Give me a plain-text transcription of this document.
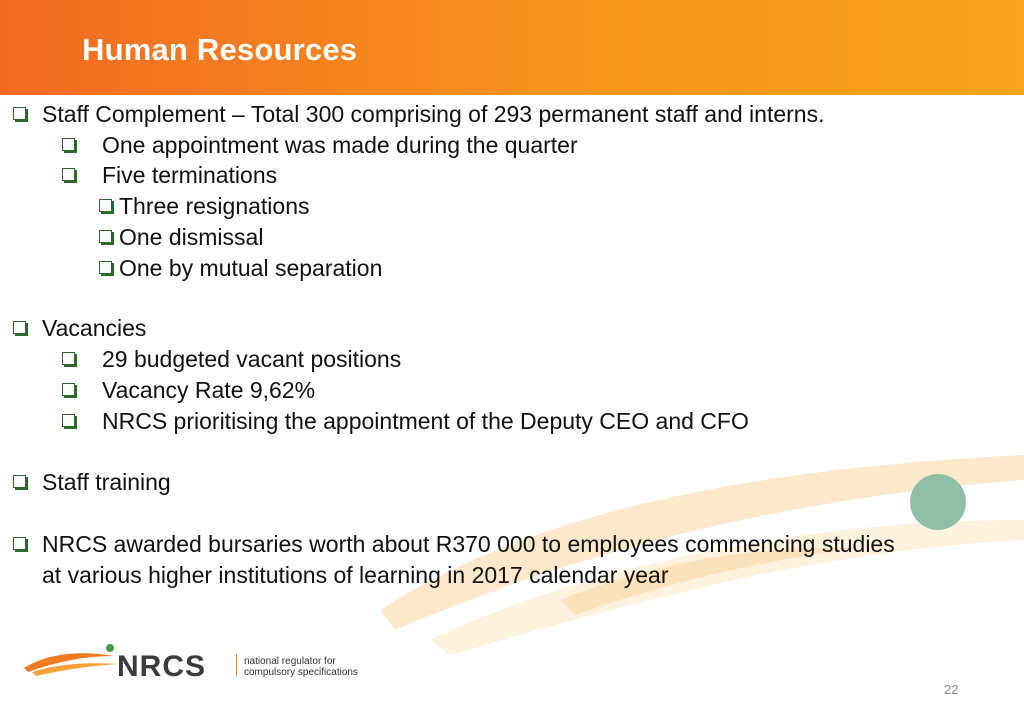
Human Resources
Staff Complement – Total 300 comprising of 293 permanent staff and interns.
One appointment was made during the quarter
Five terminations
Three resignations
One dismissal
One by mutual separation
Vacancies
29 budgeted vacant positions
Vacancy Rate 9,62%
NRCS prioritising the appointment of the Deputy CEO and CFO
Staff training
NRCS awarded bursaries worth about R370 000 to employees commencing studies
at various higher institutions of learning in 2017 calendar year
NRCS	national regulator for
compulsory specifications
22
